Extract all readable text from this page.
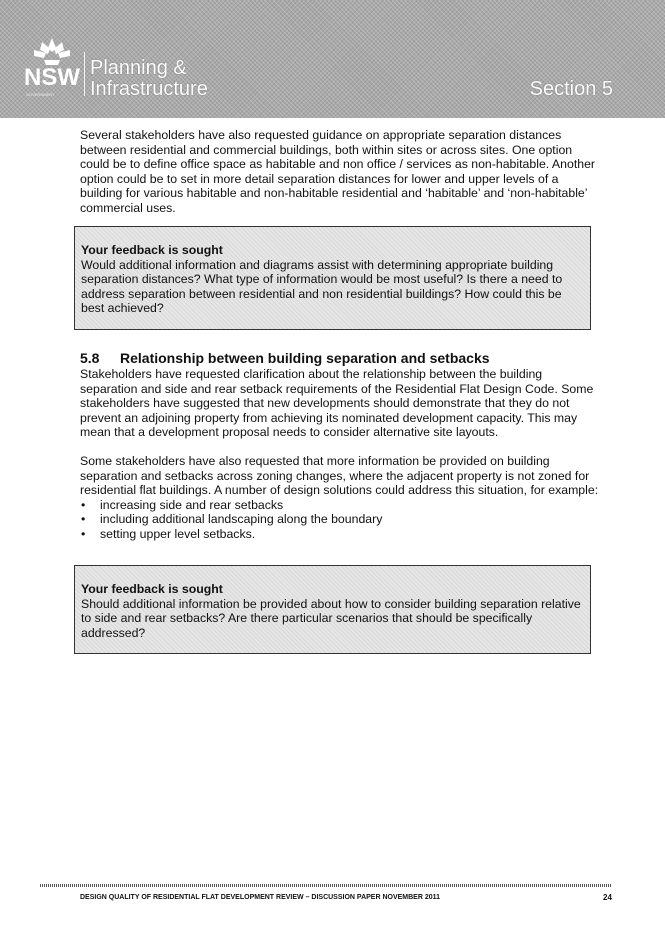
NSW
GOVERNMENT
Planning &
Infrastructure	Section 5

Several stakeholders have also requested guidance on appropriate separation distances between residential and commercial buildings, both within sites or across sites. One option could be to define office space as habitable and non office / services as non-habitable. Another option could be to set in more detail separation distances for lower and upper levels of a building for various habitable and non-habitable residential and ‘habitable’ and ‘non-habitable’ commercial uses.

Your feedback is sought
Would additional information and diagrams assist with determining appropriate building separation distances? What type of information would be most useful? Is there a need to address separation between residential and non residential buildings? How could this be best achieved?
5.8 Relationship between building separation and setbacks

Stakeholders have requested clarification about the relationship between the building separation and side and rear setback requirements of the Residential Flat Design Code. Some stakeholders have suggested that new developments should demonstrate that they do not prevent an adjoining property from achieving its nominated development capacity. This may mean that a development proposal needs to consider alternative site layouts.

Some stakeholders have also requested that more information be provided on building separation and setbacks across zoning changes, where the adjacent property is not zoned for residential flat buildings. A number of design solutions could address this situation, for example:

• increasing side and rear setbacks
• including additional landscaping along the boundary
• setting upper level setbacks.
Your feedback is sought
Should additional information be provided about how to consider building separation relative to side and rear setbacks? Are there particular scenarios that should be specifically addressed?
DESIGN QUALITY OF RESIDENTIAL FLAT DEVELOPMENT REVIEW – DISCUSSION PAPER NOVEMBER 2011	24
